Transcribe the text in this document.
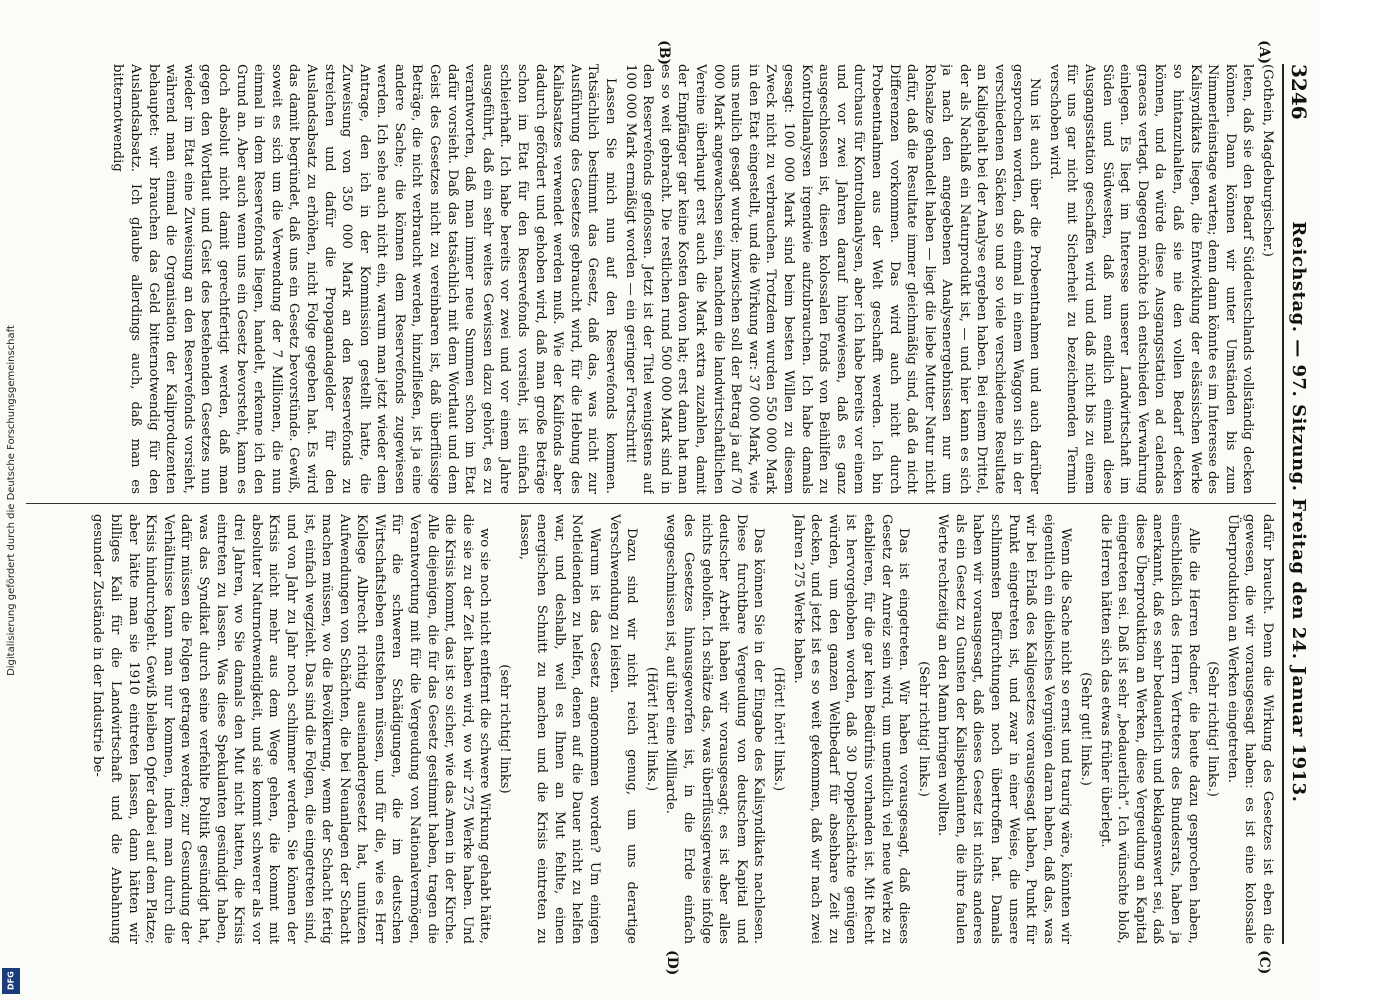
3246
Reichstag. — 97. Sitzung. Freitag den 24. Januar 1913.
(A)
(B)
(C)
(D)

(Gothein, Magdeburgischer.)

leten, daß sie den Bedarf Süddeutschlands vollständig decken können. Dann können wir unter Umständen bis zum Nimmerleinstage warten; denn dann könnte es im Interesse des Kalisyndikats liegen, die Entwicklung der elsässischen Werke so hintanzuhalten, daß sie nie den vollen Bedarf decken können, und da würde diese Ausgangsstation ad calendas graecas vertagt. Dagegen möchte ich entschieden Verwahrung einlegen. Es liegt im Interesse unserer Landwirtschaft im Süden und Südwesten, daß nun endlich einmal diese Ausgangsstation geschaffen wird und daß nicht bis zu einem für uns gar nicht mit Sicherheit zu bezeichnenden Termin verschoben wird.

Nun ist auch über die Probeentnahmen und auch darüber gesprochen worden, daß einmal in einem Waggon sich in der verschiedenen Säcken so und so viele verschiedene Resultate an Kaligehalt bei der Analyse ergeben haben. Bei einem Drittel, der als Nachlaß ein Naturprodukt ist, — und hier kann es sich ja nach den angegebenen Analysenergebnissen nur um Rohsalze gehandelt haben — liegt die liebe Mutter Natur nicht dafür, daß die Resultate immer gleichmäßig sind, daß da nicht Differenzen vorkommen. Das wird auch nicht durch Probeentnahmen aus der Welt geschafft werden. Ich bin durchaus für Kontrollanalysen, aber ich habe bereits vor einem und vor zwei Jahren darauf hingewiesen, daß es ganz ausgeschlossen ist, diesen kolossalen Fonds von Beihilfen zu Kontrollanalysen irgendwie aufzubrauchen. Ich habe damals gesagt: 100 000 Mark sind beim besten Willen zu diesem Zweck nicht zu verbrauchen. Trotzdem wurden 550 000 Mark in den Etat eingestellt, und die Wirkung war: 37 000 Mark, wie uns neulich gesagt wurde; inzwischen soll der Betrag ja auf 70 000 Mark angewachsen sein, nachdem die landwirtschaftlichen Vereine überhaupt erst auch die Mark extra zuzahlen, damit der Empfänger gar keine Kosten davon hat; erst dann hat man es so weit gebracht. Die restlichen rund 500 000 Mark sind in den Reservefonds geflossen. Jetzt ist der Titel wenigstens auf 100 000 Mark ermäßigt worden — ein geringer Fortschritt!

Lassen Sie mich nun auf den Reservefonds kommen. Tatsächlich bestimmt das Gesetz, daß das, was nicht zur Ausführung des Gesetzes gebraucht wird, für die Hebung des Kaliabsatzes verwendet werden muß. Wie der Kalifonds aber dadurch gefördert und gehoben wird, daß man große Beträge schon im Etat für den Reservefonds vorsieht, ist einfach schleierhaft. Ich habe bereits vor zwei und vor einem Jahre ausgeführt, daß ein sehr weites Gewissen dazu gehört, es zu verantworten, daß man immer neue Summen schon im Etat dafür vorsieht. Daß das tatsächlich mit dem Wortlaut und dem Geist des Gesetzes nicht zu vereinbaren ist, daß überflüssige Beträge, die nicht verbraucht werden, hinzufließen, ist ja eine andere Sache; die können dem Reservefonds zugewiesen werden. Ich sehe auch nicht ein, warum man jetzt wieder dem Antrage, den ich in der Kommission gestellt hatte, die Zuweisung von 350 000 Mark an den Reservefonds zu streichen und dafür die Propagandagelder für den Auslandsabsatz zu erhöhen, nicht Folge gegeben hat. Es wird das damit begründet, daß uns ein Gesetz bevorstünde. Gewiß, soweit es sich um die Verwendung der 7 Millionen, die nun einmal in dem Reservefonds liegen, handelt, erkenne ich den Grund an. Aber auch wenn uns ein Gesetz bevorsteht, kann es doch absolut nicht damit gerechtfertigt werden, daß man gegen den Wortlaut und Geist des bestehenden Gesetzes nun wieder im Etat eine Zuweisung an den Reservefonds vorsieht, während man einmal die Organisation der Kaliproduzenten behauptet: wir brauchen das Geld bitternotwendig für den Auslandsabsatz. Ich glaube allerdings auch, daß man es bitternotwendig

dafür braucht. Denn die Wirkung des Gesetzes ist eben die gewesen, die wir vorausgesagt haben: es ist eine kolossale Überproduktion an Werken eingetreten.

(Sehr richtig! links.)

Alle die Herren Redner, die heute dazu gesprochen haben, einschließlich des Herrn Vertreters des Bundesrats, haben ja anerkannt, daß es sehr bedauerlich und beklagenswert sei, daß diese Überproduktion an Werken, diese Vergeudung an Kapital eingetreten sei. Daß ist sehr „bedauerlich“. Ich wünschte bloß, die Herren hätten sich das etwas früher überlegt.

(Sehr gut! links.)

Wenn die Sache nicht so ernst und traurig wäre, könnten wir eigentlich ein diebisches Vergnügen daran haben, daß das, was wir bei Erlaß des Kaligesetzes vorausgesagt haben, Punkt für Punkt eingetreten ist, und zwar in einer Weise, die unsere schlimmsten Befürchtungen noch übertroffen hat. Damals haben wir vorausgesagt, daß dieses Gesetz ist nichts anderes als ein Gesetz zu Gunsten der Kalispekulanten, die ihre faulen Werte rechtzeitig an den Mann bringen wollten.

(Sehr richtig! links.)

Das ist eingetreten. Wir haben vorausgesagt, daß dieses Gesetz der Anreiz sein wird, um unendlich viel neue Werke zu etablieren, für die gar kein Bedürfnis vorhanden ist. Mit Recht ist hervorgehoben worden, daß 30 Doppelschächte genügen würden, um den ganzen Weltbedarf für absehbare Zeit zu decken, und jetzt ist es so weit gekommen, daß wir nach zwei Jahren 275 Werke haben.

(Hört! hört! links.)

Das können Sie in der Eingabe des Kalisyndikats nachlesen. Diese furchtbare Vergeudung von deutschem Kapital und deutscher Arbeit haben wir vorausgesagt; es ist aber alles nichts geholfen. Ich schätze das, was überflüssigerweise infolge des Gesetzes hinausgeworfen ist, in die Erde einfach weggeschmissen ist, auf über eine Milliarde.

(Hört! hört! links.)

Dazu sind wir nicht reich genug, um uns derartige Verschwendung zu leisten.

Warum ist das Gesetz angenommen worden? Um einigen Notleidenden zu helfen, denen auf die Dauer nicht zu helfen war, und deshalb, weil es Ihnen an Mut fehlte, einen energischen Schnitt zu machen und die Krisis eintreten zu lassen,

(sehr richtig! links)

wo sie noch nicht entfernt die schwere Wirkung gehabt hätte, die sie zu der Zeit haben wird, wo wir 275 Werke haben. Und die Krisis kommt, das ist so sicher, wie das Amen in der Kirche. Alle diejenigen, die für das Gesetz gestimmt haben, tragen die Verantwortung mit für die Vergeudung von Nationalvermögen, für die schweren Schädigungen, die im deutschen Wirtschaftsleben entstehen müssen, und für die, wie es Herr Kollege Albrecht richtig auseinandergesetzt hat, unnützen Aufwendungen von Schächten, die bei Neuanlagen der Schacht machen müssen, wo die Bevölkerung, wenn der Schacht fertig ist, einfach wegzieht. Das sind die Folgen, die eingetreten sind, und von Jahr zu Jahr noch schlimmer werden. Sie können der Krisis nicht mehr aus dem Wege gehen, die kommt mit absoluter Naturnotwendigkeit, und sie kommt schwerer als vor drei Jahren, wo Sie damals den Mut nicht hatten, die Krisis eintreten zu lassen. Was diese Spekulanten gesündigt haben, was das Syndikat durch seine verfehlte Politik gesündigt hat, dafür müssen die Folgen getragen werden; zur Gesundung der Verhältnisse kann man nur kommen, indem man durch die Krisis hindurchgeht. Gewiß bleiben Opfer dabei auf dem Platze; aber hätte man sie 1910 eintreten lassen, dann hätten wir billiges Kali für die Landwirtschaft und die Anbahnung gesunder Zustände in der Industrie be-

Digitalisierung gefördert durch die Deutsche Forschungsgemeinschaft
DFG
